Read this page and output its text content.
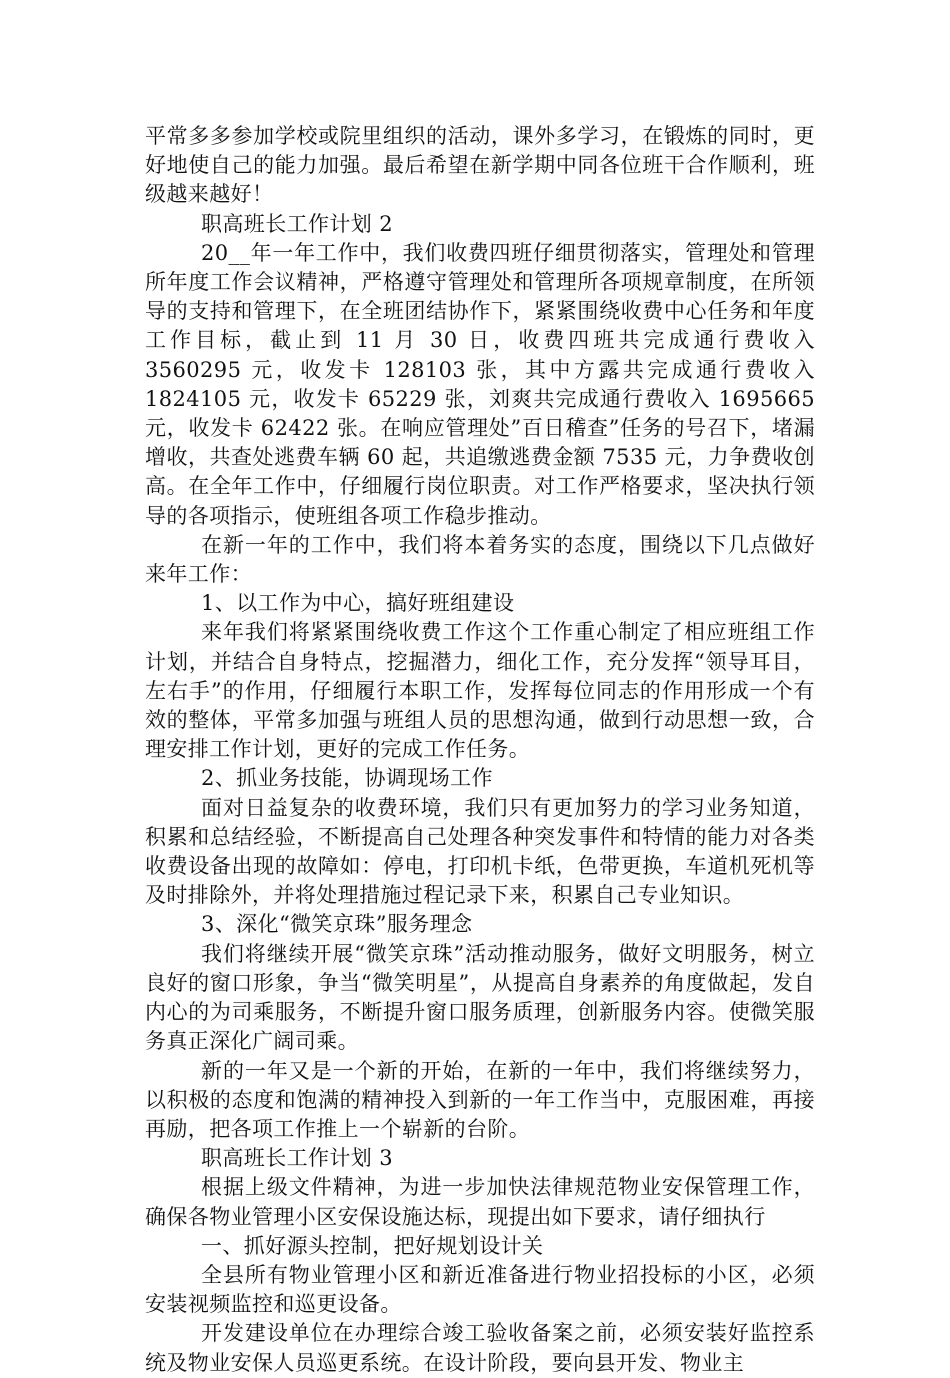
平常多多参加学校或院里组织的活动，课外多学习，在锻炼的同时，更好地使自己的能力加强。最后希望在新学期中同各位班干合作顺利，班级越来越好！

职高班长工作计划 2

20__年一年工作中，我们收费四班仔细贯彻落实，管理处和管理所年度工作会议精神，严格遵守管理处和管理所各项规章制度，在所领导的支持和管理下，在全班团结协作下，紧紧围绕收费中心任务和年度工作目标，截止到 11 月 30 日，收费四班共完成通行费收入 3560295 元，收发卡 128103 张，其中方露共完成通行费收入 1824105 元，收发卡 65229 张，刘爽共完成通行费收入 1695665 元，收发卡 62422 张。在响应管理处”百日稽查”任务的号召下，堵漏增收，共查处逃费车辆 60 起，共追缴逃费金额 7535 元，力争费收创高。在全年工作中，仔细履行岗位职责。对工作严格要求，坚决执行领导的各项指示，使班组各项工作稳步推动。

在新一年的工作中，我们将本着务实的态度，围绕以下几点做好来年工作：

1、以工作为中心，搞好班组建设

来年我们将紧紧围绕收费工作这个工作重心制定了相应班组工作计划，并结合自身特点，挖掘潜力，细化工作，充分发挥“领导耳目，左右手”的作用，仔细履行本职工作，发挥每位同志的作用形成一个有效的整体，平常多加强与班组人员的思想沟通，做到行动思想一致，合理安排工作计划，更好的完成工作任务。

2、抓业务技能，协调现场工作

面对日益复杂的收费环境，我们只有更加努力的学习业务知道，积累和总结经验，不断提高自己处理各种突发事件和特情的能力对各类收费设备出现的故障如：停电，打印机卡纸，色带更换，车道机死机等及时排除外，并将处理措施过程记录下来，积累自己专业知识。

3、深化“微笑京珠”服务理念

我们将继续开展“微笑京珠”活动推动服务，做好文明服务，树立良好的窗口形象，争当“微笑明星”，从提高自身素养的角度做起，发自内心的为司乘服务，不断提升窗口服务质理，创新服务内容。使微笑服务真正深化广阔司乘。

新的一年又是一个新的开始，在新的一年中，我们将继续努力，以积极的态度和饱满的精神投入到新的一年工作当中，克服困难，再接再励，把各项工作推上一个崭新的台阶。

职高班长工作计划 3

根据上级文件精神，为进一步加快法律规范物业安保管理工作，确保各物业管理小区安保设施达标，现提出如下要求，请仔细执行

一、抓好源头控制，把好规划设计关

全县所有物业管理小区和新近准备进行物业招投标的小区，必须安装视频监控和巡更设备。

开发建设单位在办理综合竣工验收备案之前，必须安装好监控系统及物业安保人员巡更系统。在设计阶段，要向县开发、物业主
